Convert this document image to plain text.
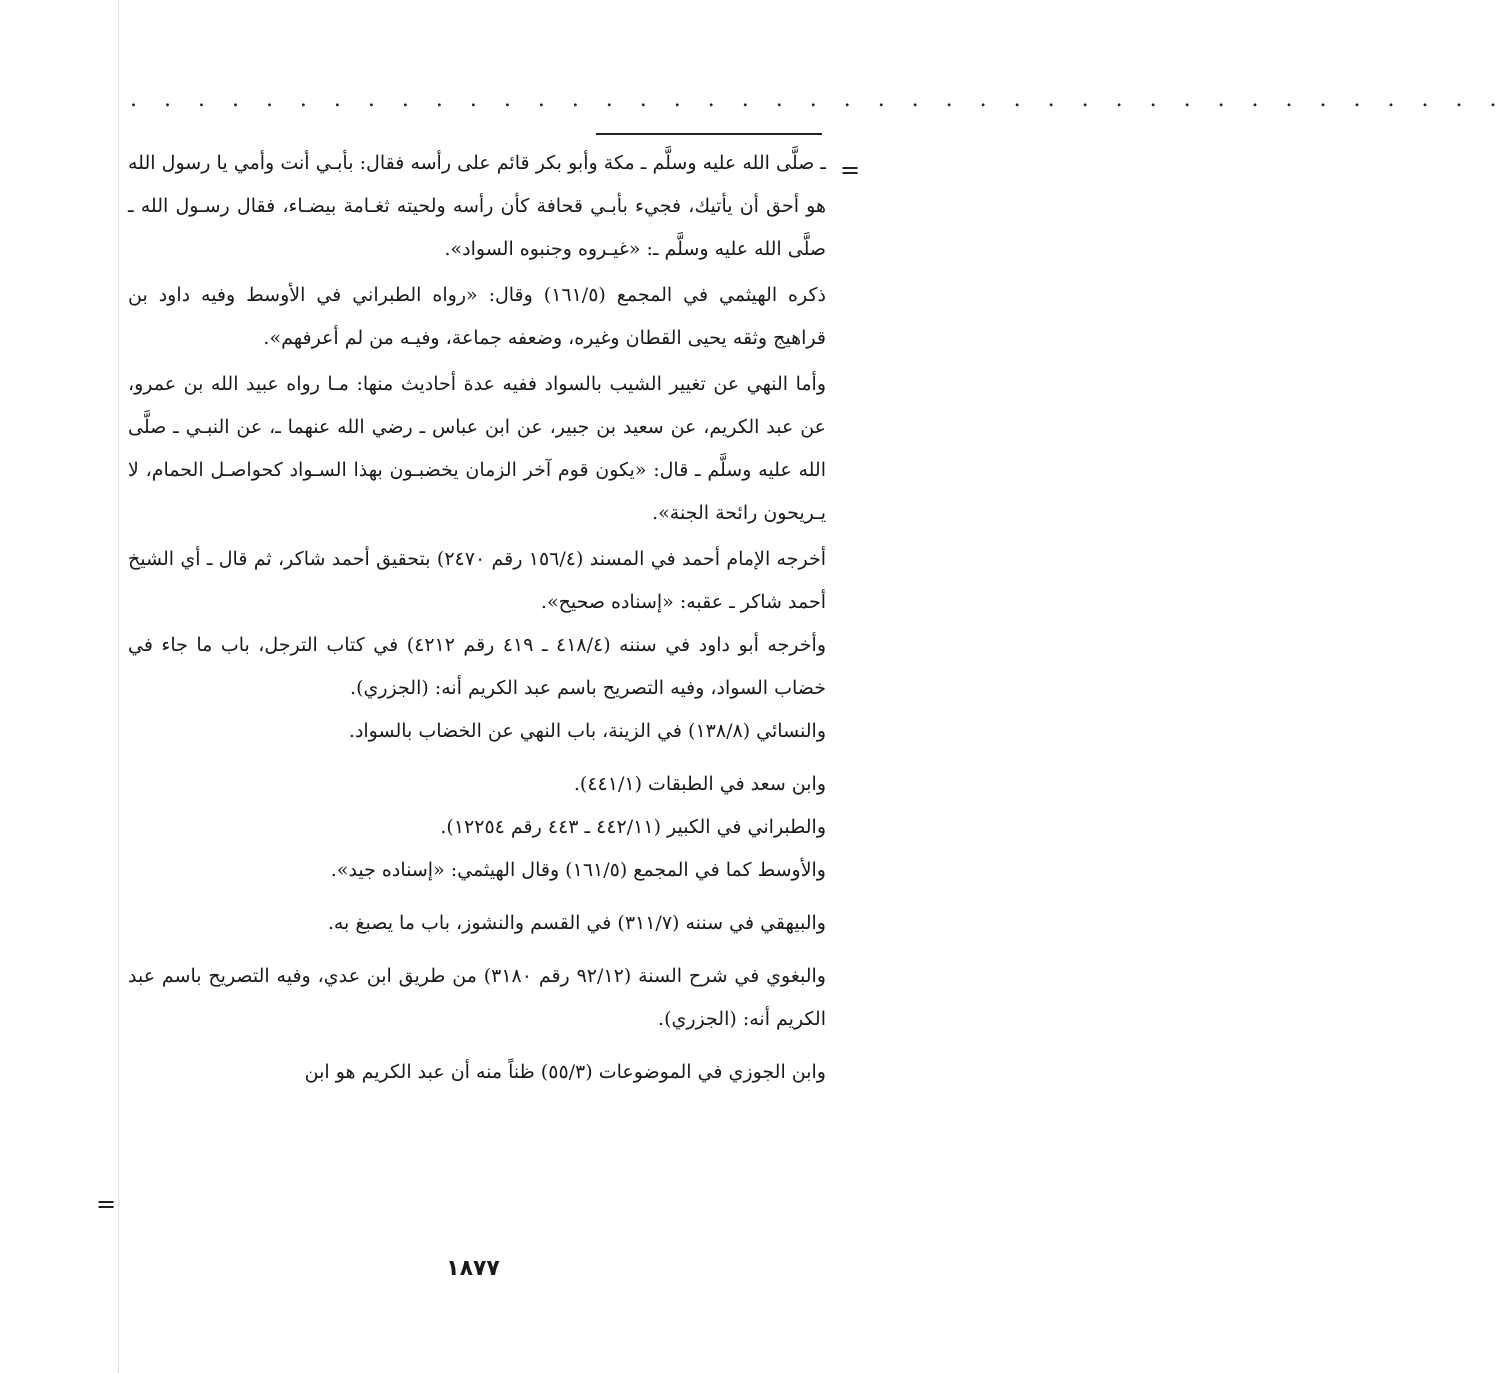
. . . . . . . . . . . . . . . . . . . . . . . . . . . . . . . . . . . . . . . . .
=

ـ صلَّى الله عليه وسلَّم ـ مكة وأبو بكر قائم على رأسه فقال: بأبـي أنت وأمي يا رسول الله هو أحق أن يأتيك، فجيء بأبـي قحافة كأن رأسه ولحيته ثغـامة بيضـاء، فقال رسـول الله ـ صلَّى الله عليه وسلَّم ـ: «غيـروه وجنبوه السواد».

ذكره الهيثمي في المجمع (١٦١/٥) وقال: «رواه الطبراني في الأوسط وفيه داود بن قراهيج وثقه يحيى القطان وغيره، وضعفه جماعة، وفيـه من لم أعرفهم».

وأما النهي عن تغيير الشيب بالسواد ففيه عدة أحاديث منها: مـا رواه عبيد الله بن عمرو، عن عبد الكريم، عن سعيد بن جبير، عن ابن عباس ـ رضي الله عنهما ـ، عن النبـي ـ صلَّى الله عليه وسلَّم ـ قال: «يكون قوم آخر الزمان يخضبـون بهذا السـواد كحواصـل الحمام، لا يـريحون رائحة الجنة».

أخرجه الإمام أحمد في المسند (١٥٦/٤ رقم ٢٤٧٠) بتحقيق أحمد شاكر، ثم قال ـ أي الشيخ أحمد شاكر ـ عقبه: «إسناده صحيح».

وأخرجه أبو داود في سننه (٤١٨/٤ ـ ٤١٩ رقم ٤٢١٢) في كتاب الترجل، باب ما جاء في خضاب السواد، وفيه التصريح باسم عبد الكريم أنه: (الجزري).

والنسائي (١٣٨/٨) في الزينة، باب النهي عن الخضاب بالسواد.

وابن سعد في الطبقات (٤٤١/١).

والطبراني في الكبير (٤٤٢/١١ ـ ٤٤٣ رقم ١٢٢٥٤).

والأوسط كما في المجمع (١٦١/٥) وقال الهيثمي: «إسناده جيد».

والبيهقي في سننه (٣١١/٧) في القسم والنشوز، باب ما يصبغ به.

والبغوي في شرح السنة (٩٢/١٢ رقم ٣١٨٠) من طريق ابن عدي، وفيه التصريح باسم عبد الكريم أنه: (الجزري).

وابن الجوزي في الموضوعات (٥٥/٣) ظناً منه أن عبد الكريم هو ابن

=
١٨٧٧
